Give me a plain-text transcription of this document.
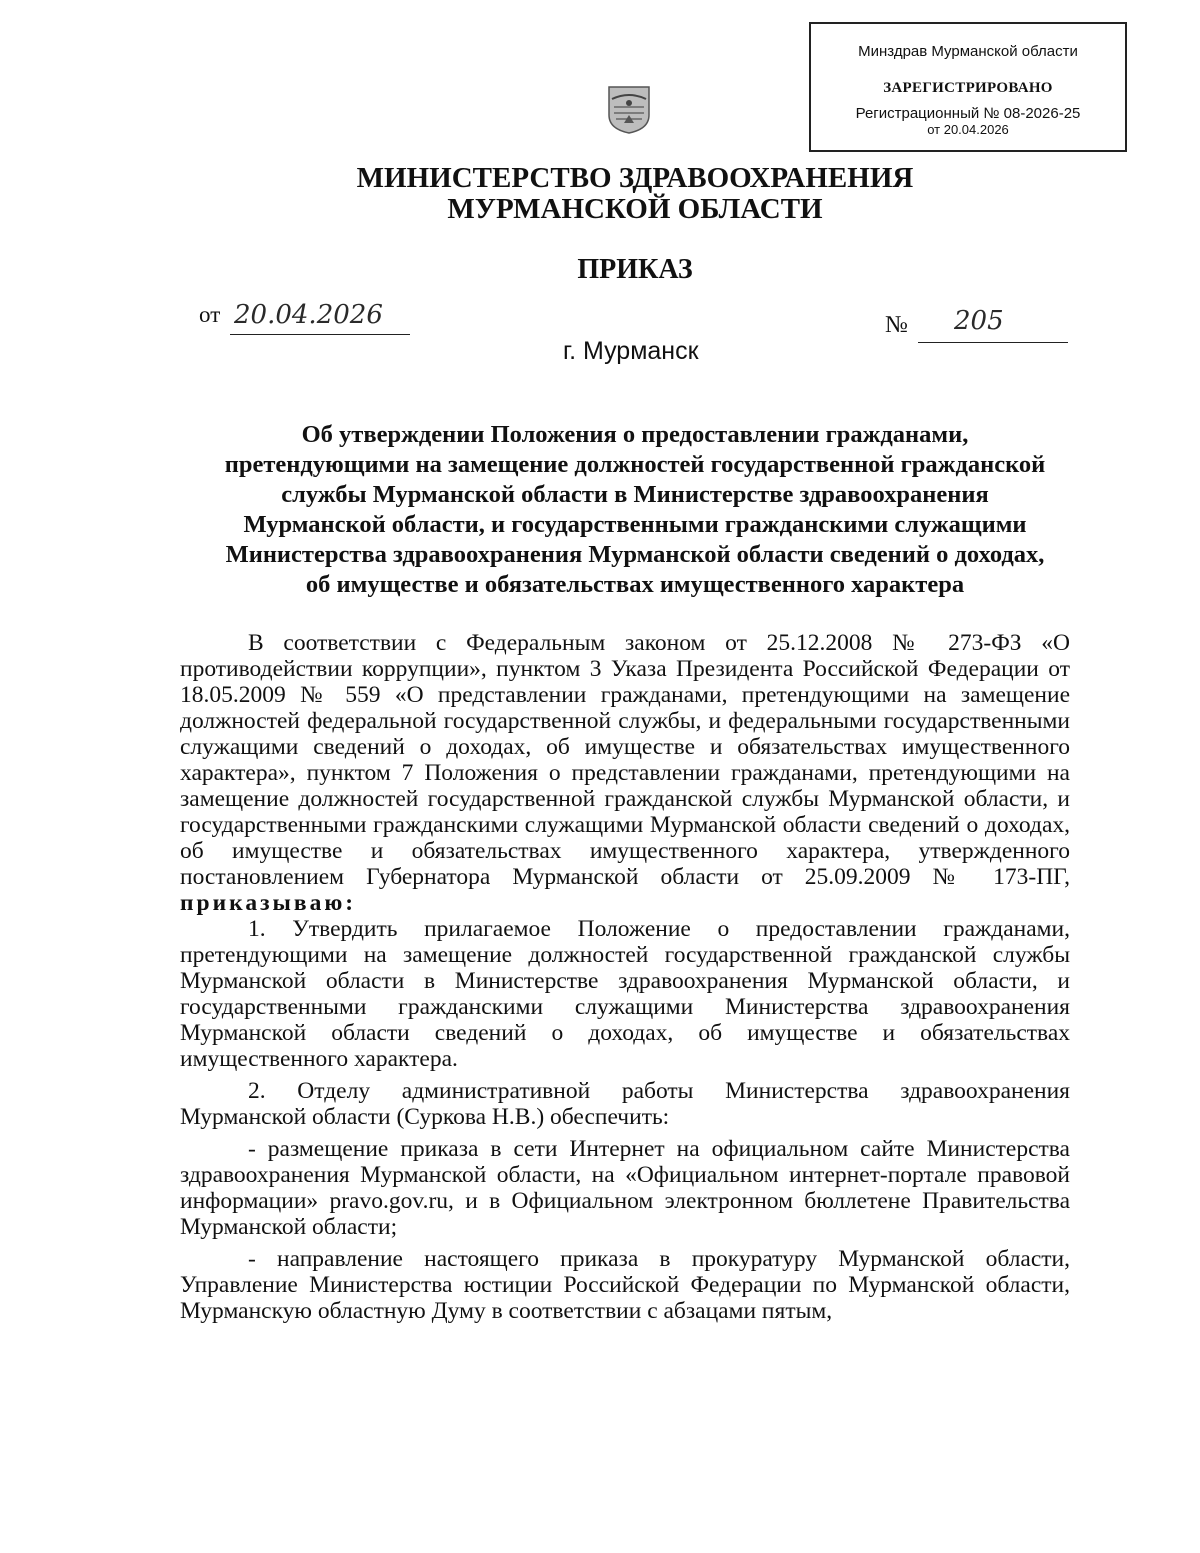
Минздрав Мурманской области
ЗАРЕГИСТРИРОВАНО
Регистрационный № 08-2026-25
от 20.04.2026
МИНИСТЕРСТВО ЗДРАВООХРАНЕНИЯ
МУРМАНСКОЙ ОБЛАСТИ
ПРИКАЗ
от 20.04.2026	№ 205
г. Мурманск
Об утверждении Положения о предоставлении гражданами,
претендующими на замещение должностей государственной гражданской
службы Мурманской области в Министерстве здравоохранения
Мурманской области, и государственными гражданскими служащими
Министерства здравоохранения Мурманской области сведений о доходах,
об имуществе и обязательствах имущественного характера

В соответствии с Федеральным законом от 25.12.2008 № 273-ФЗ «О противодействии коррупции», пунктом 3 Указа Президента Российской Федерации от 18.05.2009 № 559 «О представлении гражданами, претендующими на замещение должностей федеральной государственной службы, и федеральными государственными служащими сведений о доходах, об имуществе и обязательствах имущественного характера», пунктом 7 Положения о представлении гражданами, претендующими на замещение должностей государственной гражданской службы Мурманской области, и государственными гражданскими служащими Мурманской области сведений о доходах, об имуществе и обязательствах имущественного характера, утвержденного постановлением Губернатора Мурманской области от 25.09.2009 № 173-ПГ, приказываю:

1. Утвердить прилагаемое Положение о предоставлении гражданами, претендующими на замещение должностей государственной гражданской службы Мурманской области в Министерстве здравоохранения Мурманской области, и государственными гражданскими служащими Министерства здравоохранения Мурманской области сведений о доходах, об имуществе и обязательствах имущественного характера.

2. Отделу административной работы Министерства здравоохранения Мурманской области (Суркова Н.В.) обеспечить:

- размещение приказа в сети Интернет на официальном сайте Министерства здравоохранения Мурманской области, на «Официальном интернет-портале правовой информации» pravo.gov.ru, и в Официальном электронном бюллетене Правительства Мурманской области;

- направление настоящего приказа в прокуратуру Мурманской области, Управление Министерства юстиции Российской Федерации по Мурманской области, Мурманскую областную Думу в соответствии с абзацами пятым,
